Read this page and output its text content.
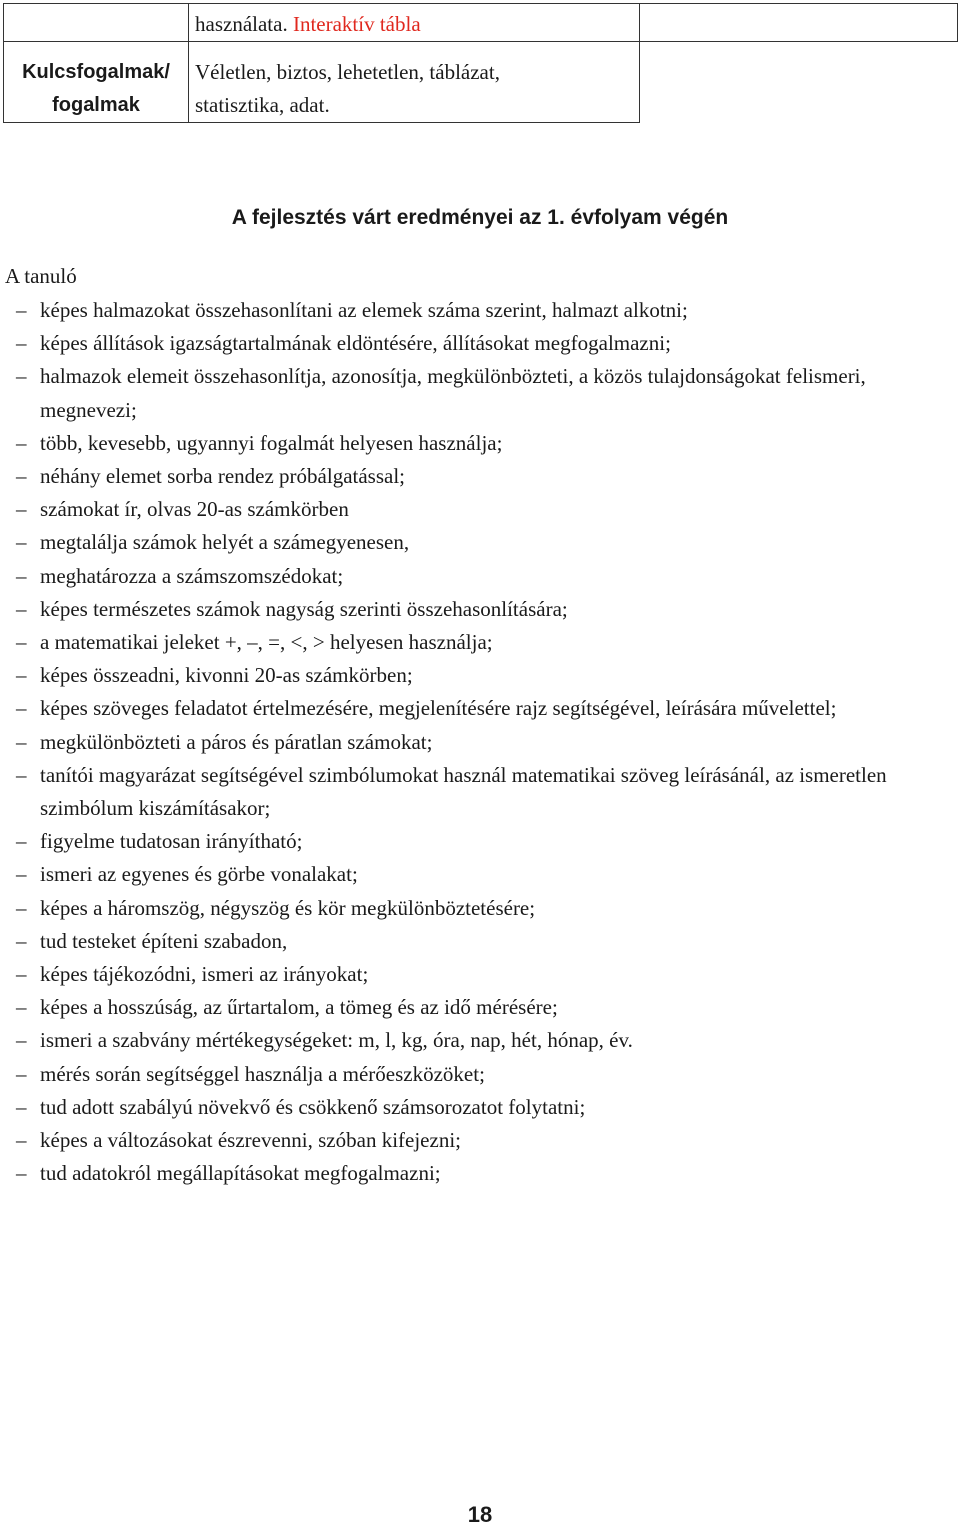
	használata. Interaktív tábla	

Kulcsfogalmak/
fogalmak	Véletlen, biztos, lehetetlen, táblázat,
statisztika, adat.	
A fejlesztés várt eredményei az 1. évfolyam végén
A tanuló
– képes halmazokat összehasonlítani az elemek száma szerint, halmazt alkotni;
– képes állítások igazságtartalmának eldöntésére, állításokat megfogalmazni;
– halmazok elemeit összehasonlítja, azonosítja, megkülönbözteti, a közös tulajdonságokat felismeri, megnevezi;
– több, kevesebb, ugyannyi fogalmát helyesen használja;
– néhány elemet sorba rendez próbálgatással;
– számokat ír, olvas 20-as számkörben
– megtalálja számok helyét a számegyenesen,
– meghatározza a számszomszédokat;
– képes természetes számok nagyság szerinti összehasonlítására;
– a matematikai jeleket +, –, =, <, > helyesen használja;
– képes összeadni, kivonni 20-as számkörben;
– képes szöveges feladatot értelmezésére, megjelenítésére rajz segítségével, leírására művelettel;
– megkülönbözteti a páros és páratlan számokat;
– tanítói magyarázat segítségével szimbólumokat használ matematikai szöveg leírásánál, az ismeretlen szimbólum kiszámításakor;
– figyelme tudatosan irányítható;
– ismeri az egyenes és görbe vonalakat;
– képes a háromszög, négyszög és kör megkülönböztetésére;
– tud testeket építeni szabadon,
– képes tájékozódni, ismeri az irányokat;
– képes a hosszúság, az űrtartalom, a tömeg és az idő mérésére;
– ismeri a szabvány mértékegységeket: m, l, kg, óra, nap, hét, hónap, év.
– mérés során segítséggel használja a mérőeszközöket;
– tud adott szabályú növekvő és csökkenő számsorozatot folytatni;
– képes a változásokat észrevenni, szóban kifejezni;
– tud adatokról megállapításokat megfogalmazni;
18
